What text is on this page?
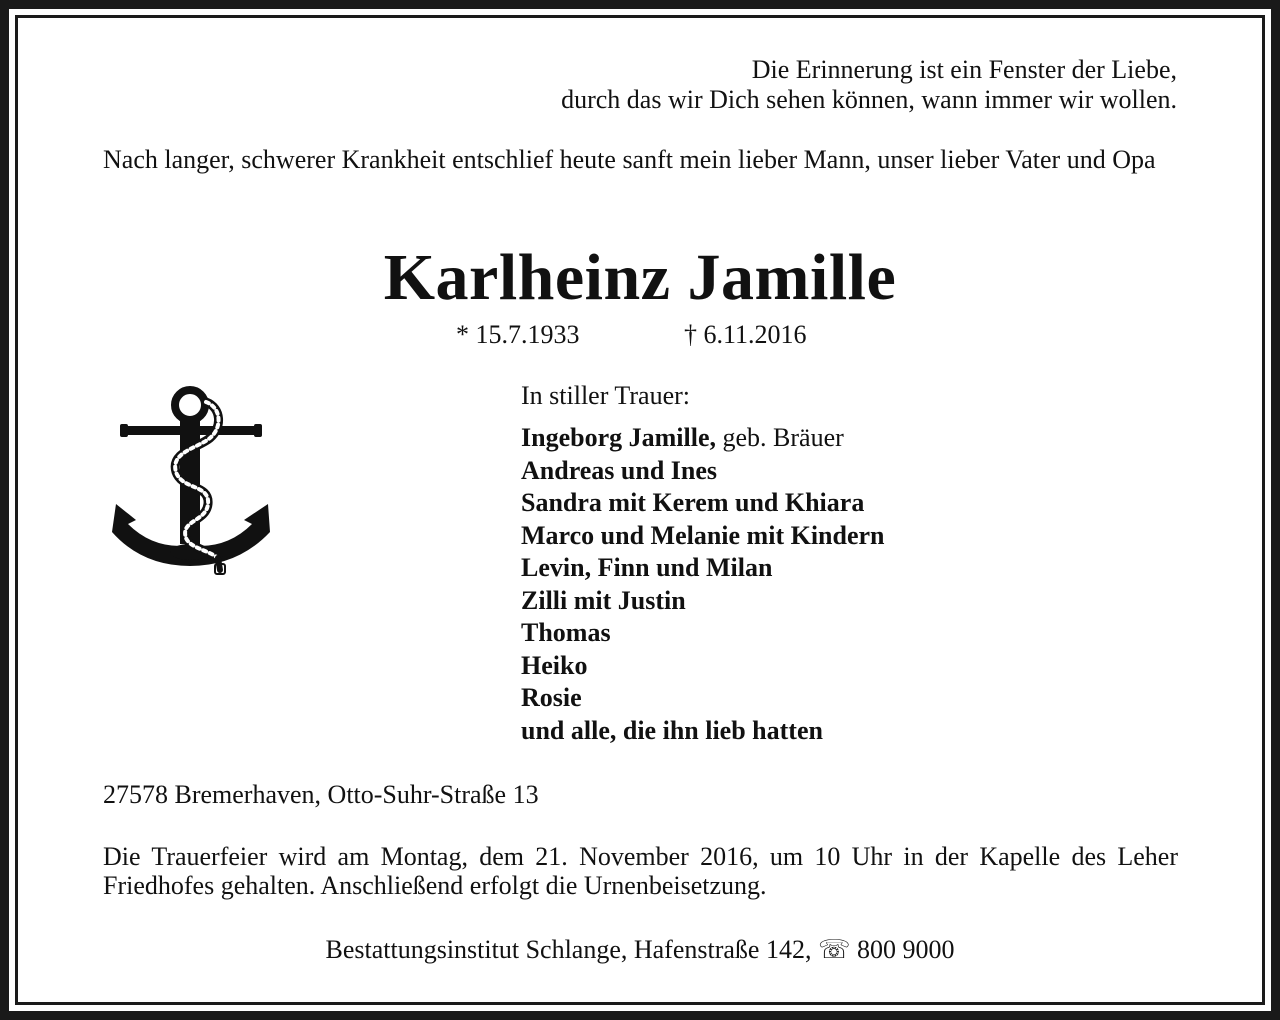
Die Erinnerung ist ein Fenster der Liebe,
durch das wir Dich sehen können, wann immer wir wollen.
Nach langer, schwerer Krankheit entschlief heute sanft mein lieber Mann, unser lieber Vater und Opa
Karlheinz Jamille
* 15.7.1933	† 6.11.2016
In stiller Trauer:
Ingeborg Jamille, geb. Bräuer
Andreas und Ines
Sandra mit Kerem und Khiara
Marco und Melanie mit Kindern
Levin, Finn und Milan
Zilli mit Justin
Thomas
Heiko
Rosie
und alle, die ihn lieb hatten
27578 Bremerhaven, Otto-Suhr-Straße 13
Die Trauerfeier wird am Montag, dem 21. November 2016, um 10 Uhr in der Kapelle des Leher Friedhofes gehalten. Anschließend erfolgt die Urnenbeisetzung.
Bestattungsinstitut Schlange, Hafenstraße 142, ☏ 800 9000
